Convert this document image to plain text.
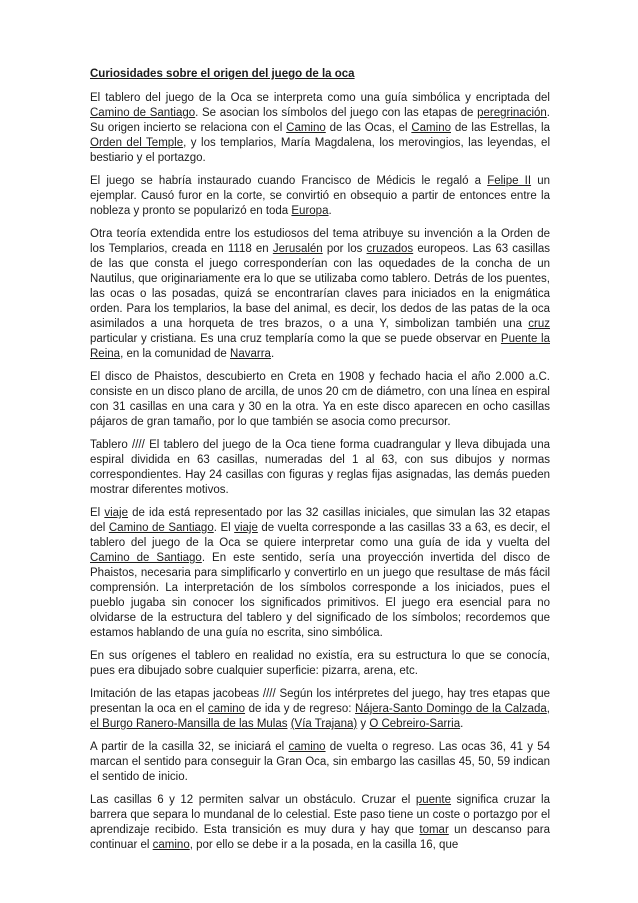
Curiosidades sobre el origen del juego de la oca

El tablero del juego de la Oca se interpreta como una guía simbólica y encriptada del Camino de Santiago. Se asocian los símbolos del juego con las etapas de peregrinación. Su origen incierto se relaciona con el Camino de las Ocas, el Camino de las Estrellas, la Orden del Temple, y los templarios, María Magdalena, los merovingios, las leyendas, el bestiario y el portazgo.

El juego se habría instaurado cuando Francisco de Médicis le regaló a Felipe II un ejemplar. Causó furor en la corte, se convirtió en obsequio a partir de entonces entre la nobleza y pronto se popularizó en toda Europa.

Otra teoría extendida entre los estudiosos del tema atribuye su invención a la Orden de los Templarios, creada en 1118 en Jerusalén por los cruzados europeos. Las 63 casillas de las que consta el juego corresponderían con las oquedades de la concha de un Nautilus, que originariamente era lo que se utilizaba como tablero. Detrás de los puentes, las ocas o las posadas, quizá se encontrarían claves para iniciados en la enigmática orden. Para los templarios, la base del animal, es decir, los dedos de las patas de la oca asimilados a una horqueta de tres brazos, o a una Y, simbolizan también una cruz particular y cristiana. Es una cruz templaría como la que se puede observar en Puente la Reina, en la comunidad de Navarra.

El disco de Phaistos, descubierto en Creta en 1908 y fechado hacia el año 2.000 a.C. consiste en un disco plano de arcilla, de unos 20 cm de diámetro, con una línea en espiral con 31 casillas en una cara y 30 en la otra. Ya en este disco aparecen en ocho casillas pájaros de gran tamaño, por lo que también se asocia como precursor.

Tablero //// El tablero del juego de la Oca tiene forma cuadrangular y lleva dibujada una espiral dividida en 63 casillas, numeradas del 1 al 63, con sus dibujos y normas correspondientes. Hay 24 casillas con figuras y reglas fijas asignadas, las demás pueden mostrar diferentes motivos.

El viaje de ida está representado por las 32 casillas iniciales, que simulan las 32 etapas del Camino de Santiago. El viaje de vuelta corresponde a las casillas 33 a 63, es decir, el tablero del juego de la Oca se quiere interpretar como una guía de ida y vuelta del Camino de Santiago. En este sentido, sería una proyección invertida del disco de Phaistos, necesaria para simplificarlo y convertirlo en un juego que resultase de más fácil comprensión. La interpretación de los símbolos corresponde a los iniciados, pues el pueblo jugaba sin conocer los significados primitivos. El juego era esencial para no olvidarse de la estructura del tablero y del significado de los símbolos; recordemos que estamos hablando de una guía no escrita, sino simbólica.

En sus orígenes el tablero en realidad no existía, era su estructura lo que se conocía, pues era dibujado sobre cualquier superficie: pizarra, arena, etc.

Imitación de las etapas jacobeas //// Según los intérpretes del juego, hay tres etapas que presentan la oca en el camino de ida y de regreso: Nájera-Santo Domingo de la Calzada, el Burgo Ranero-Mansilla de las Mulas (Vía Trajana) y O Cebreiro-Sarria.

A partir de la casilla 32, se iniciará el camino de vuelta o regreso. Las ocas 36, 41 y 54 marcan el sentido para conseguir la Gran Oca, sin embargo las casillas 45, 50, 59 indican el sentido de inicio.

Las casillas 6 y 12 permiten salvar un obstáculo. Cruzar el puente significa cruzar la barrera que separa lo mundanal de lo celestial. Este paso tiene un coste o portazgo por el aprendizaje recibido. Esta transición es muy dura y hay que tomar un descanso para continuar el camino, por ello se debe ir a la posada, en la casilla 16, que
